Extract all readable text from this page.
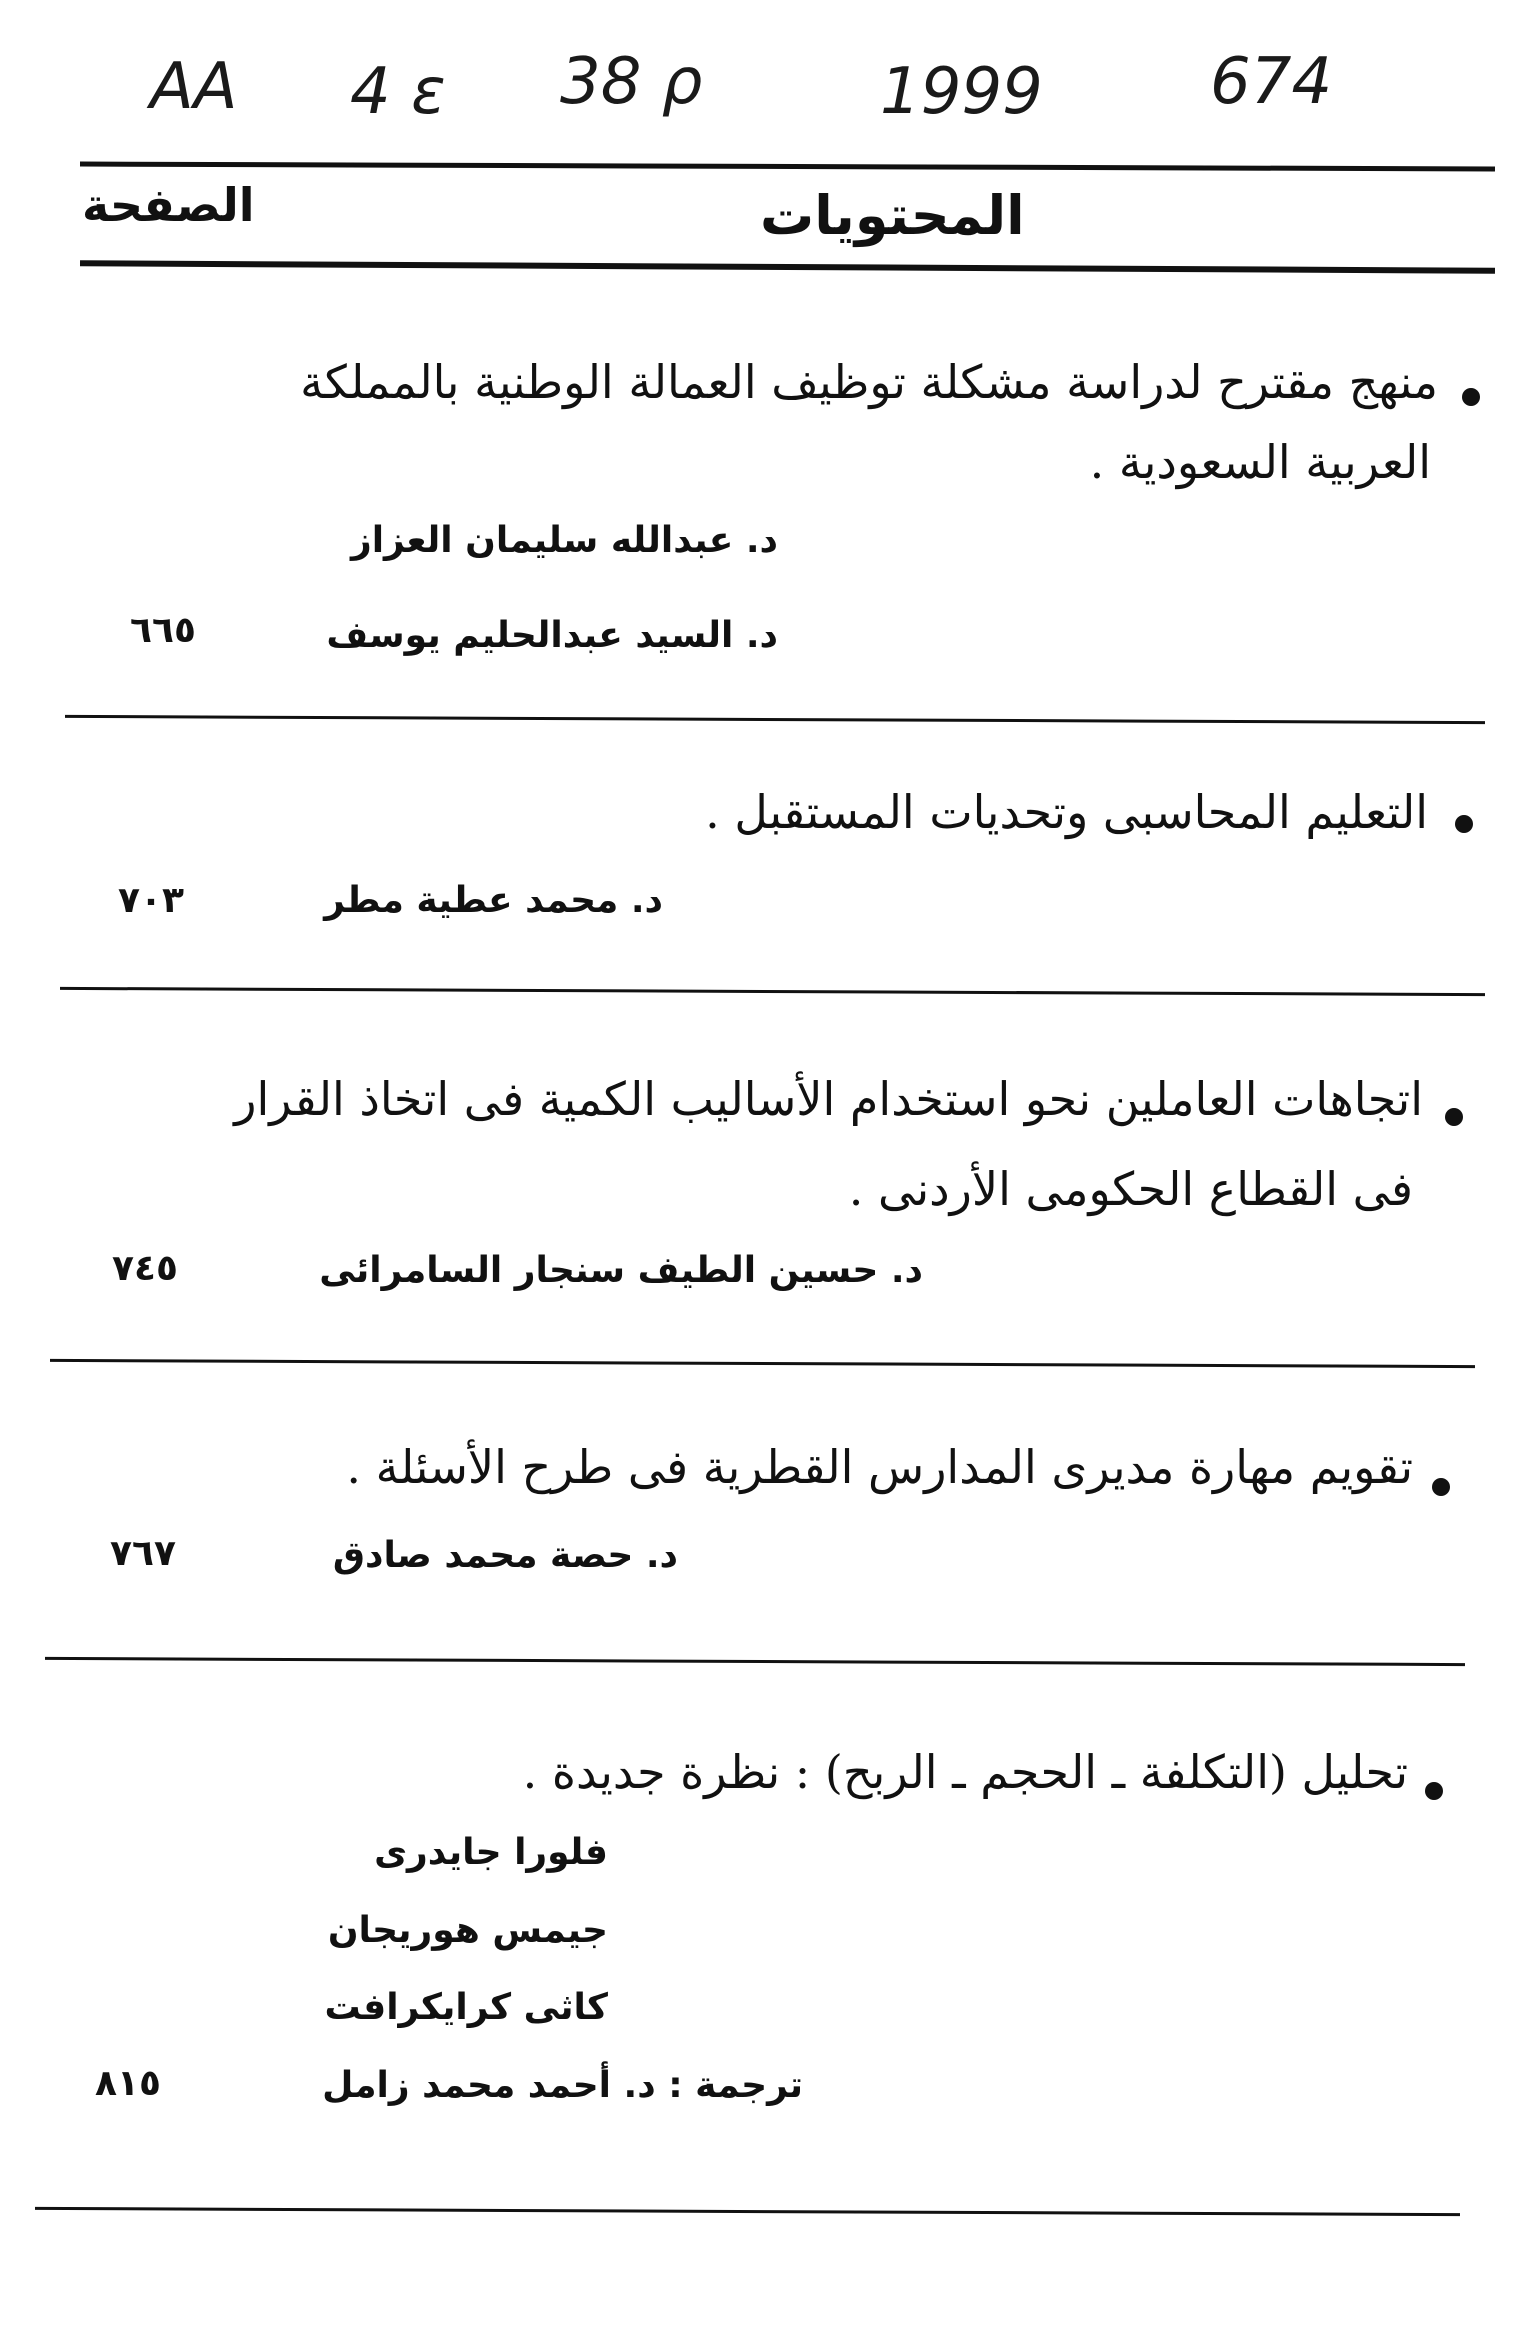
AA 4 ε 38 ρ	1999	674
المحتويات
الصفحة
منهج مقترح لدراسة مشكلة توظيف العمالة الوطنية بالمملكة
العربية السعودية .
د. عبدالله سليمان العزاز
د. السيد عبدالحليم يوسف
٦٦٥
التعليم المحاسبى وتحديات المستقبل .
د. محمد عطية مطر
٧٠٣
اتجاهات العاملين نحو استخدام الأساليب الكمية فى اتخاذ القرار
فى القطاع الحكومى الأردنى .
د. حسين الطيف سنجار السامرائى
٧٤٥
تقويم مهارة مديرى المدارس القطرية فى طرح الأسئلة .
د. حصة محمد صادق
٧٦٧
تحليل (التكلفة ـ الحجم ـ الربح) : نظرة جديدة .
فلورا جايدرى
جيمس هوريجان
كاثى كرايكرافت
ترجمة : د. أحمد محمد زامل
٨١٥
